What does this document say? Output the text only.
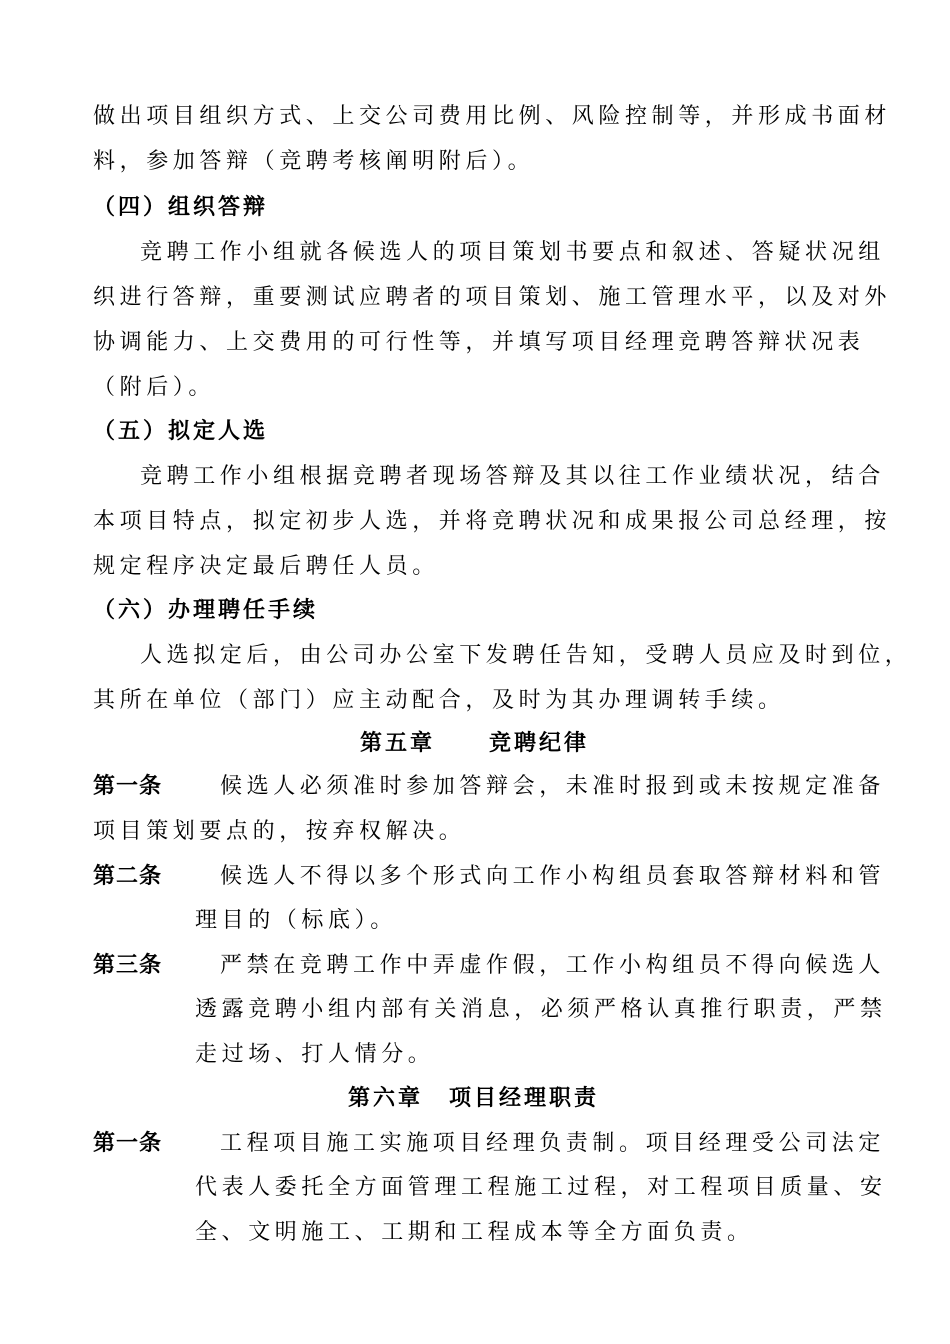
做出项目组织方式、上交公司费用比例、风险控制等，并形成书面材
料，参加答辩（竞聘考核阐明附后）。
（四）组织答辩
竞聘工作小组就各候选人的项目策划书要点和叙述、答疑状况组
织进行答辩，重要测试应聘者的项目策划、施工管理水平，以及对外
协调能力、上交费用的可行性等，并填写项目经理竞聘答辩状况表
（附后）。
（五）拟定人选
竞聘工作小组根据竞聘者现场答辩及其以往工作业绩状况，结合
本项目特点，拟定初步人选，并将竞聘状况和成果报公司总经理，按
规定程序决定最后聘任人员。
（六）办理聘任手续
人选拟定后，由公司办公室下发聘任告知，受聘人员应及时到位，
其所在单位（部门）应主动配合，及时为其办理调转手续。
第五章 竞聘纪律
第一条	候选人必须准时参加答辩会，未准时报到或未按规定准备
项目策划要点的，按弃权解决。
第二条	候选人不得以多个形式向工作小构组员套取答辩材料和管
理目的（标底）。
第三条	严禁在竞聘工作中弄虚作假，工作小构组员不得向候选人
透露竞聘小组内部有关消息，必须严格认真推行职责，严禁
走过场、打人情分。
第六章 项目经理职责
第一条	工程项目施工实施项目经理负责制。项目经理受公司法定
代表人委托全方面管理工程施工过程，对工程项目质量、安
全、文明施工、工期和工程成本等全方面负责。
